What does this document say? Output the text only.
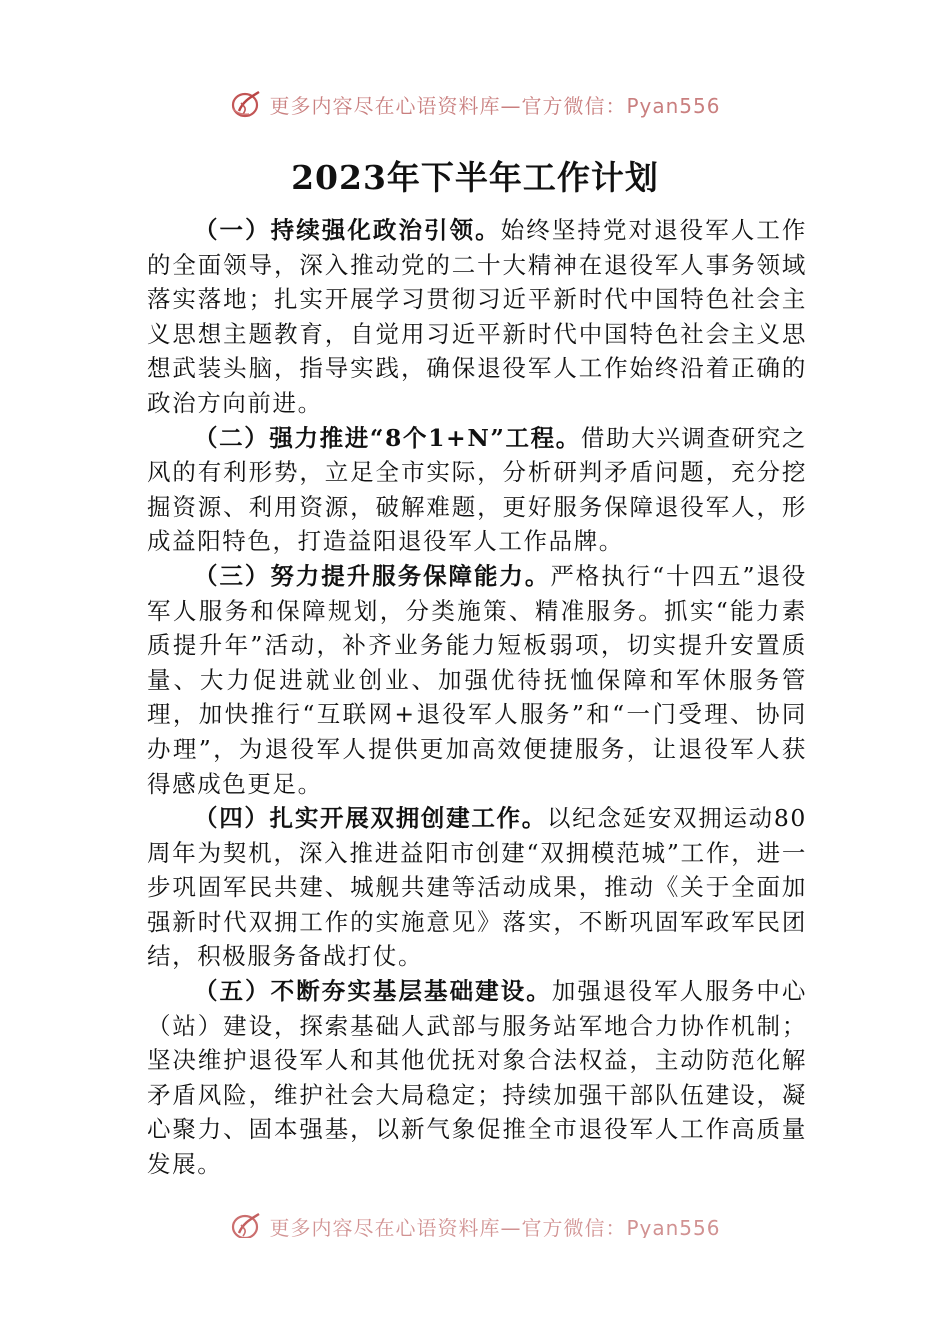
更多内容尽在心语资料库—官方微信：Pyan556
2023年下半年工作计划

（一）持续强化政治引领。始终坚持党对退役军人工作的全面领导，深入推动党的二十大精神在退役军人事务领域落实落地；扎实开展学习贯彻习近平新时代中国特色社会主义思想主题教育，自觉用习近平新时代中国特色社会主义思想武装头脑，指导实践，确保退役军人工作始终沿着正确的政治方向前进。

（二）强力推进“8个1+N”工程。借助大兴调查研究之风的有利形势，立足全市实际，分析研判矛盾问题，充分挖掘资源、利用资源，破解难题，更好服务保障退役军人，形成益阳特色，打造益阳退役军人工作品牌。

（三）努力提升服务保障能力。严格执行“十四五”退役军人服务和保障规划，分类施策、精准服务。抓实“能力素质提升年”活动，补齐业务能力短板弱项，切实提升安置质量、大力促进就业创业、加强优待抚恤保障和军休服务管理，加快推行“互联网+退役军人服务”和“一门受理、协同办理”，为退役军人提供更加高效便捷服务，让退役军人获得感成色更足。

（四）扎实开展双拥创建工作。以纪念延安双拥运动80周年为契机，深入推进益阳市创建“双拥模范城”工作，进一步巩固军民共建、城舰共建等活动成果，推动《关于全面加强新时代双拥工作的实施意见》落实，不断巩固军政军民团结，积极服务备战打仗。

（五）不断夯实基层基础建设。加强退役军人服务中心（站）建设，探索基础人武部与服务站军地合力协作机制；坚决维护退役军人和其他优抚对象合法权益，主动防范化解矛盾风险，维护社会大局稳定；持续加强干部队伍建设，凝心聚力、固本强基，以新气象促推全市退役军人工作高质量发展。

更多内容尽在心语资料库—官方微信：Pyan556
